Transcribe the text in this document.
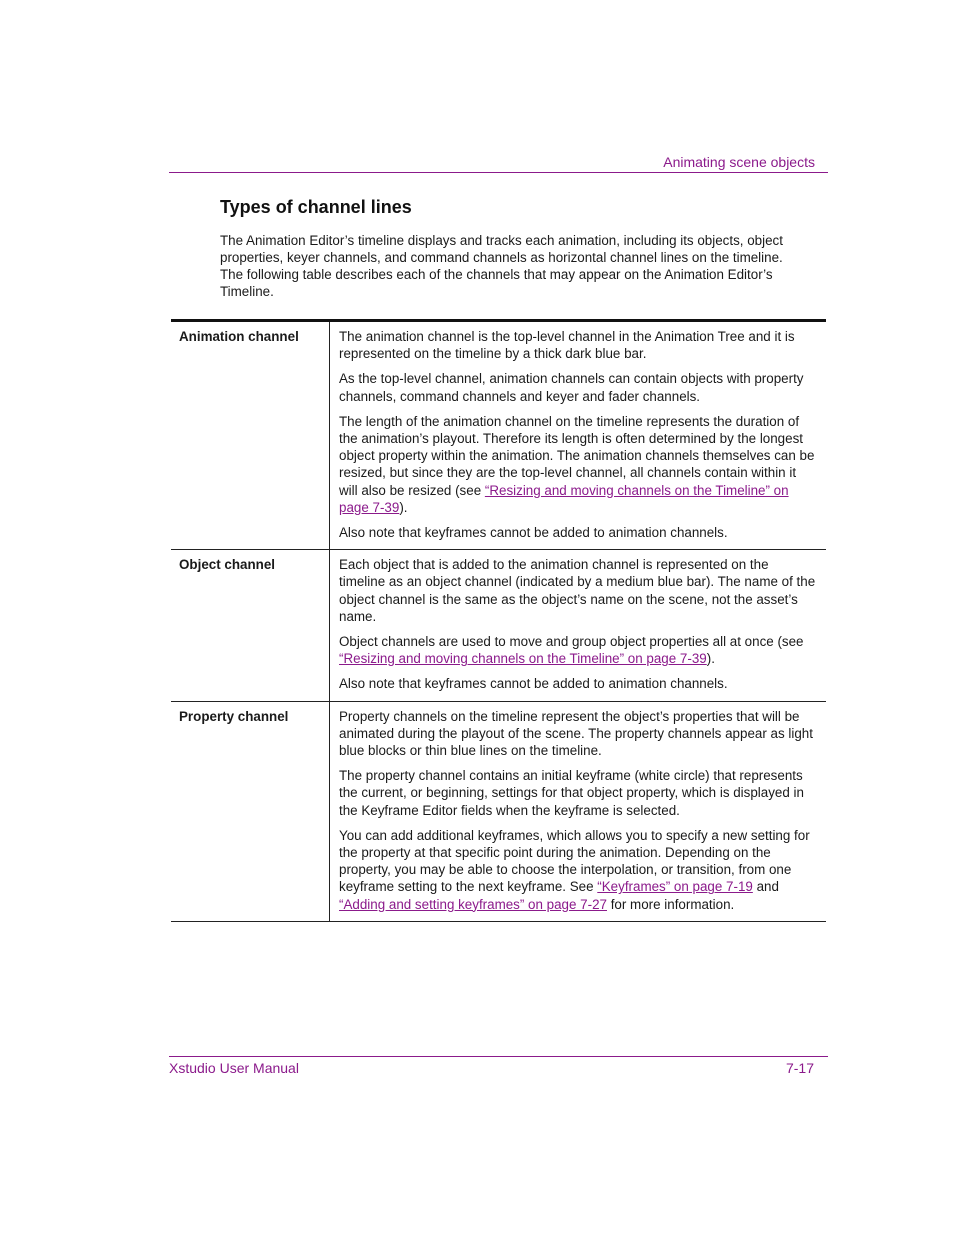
Animating scene objects
Types of channel lines

The Animation Editor’s timeline displays and tracks each animation, including its objects, object properties, keyer channels, and command channels as horizontal channel lines on the timeline. The following table describes each of the channels that may appear on the Animation Editor’s Timeline.

Animation channel	The animation channel is the top-level channel in the Animation Tree and it is represented on the timeline by a thick dark blue bar.

As the top-level channel, animation channels can contain objects with property channels, command channels and keyer and fader channels.

The length of the animation channel on the timeline represents the duration of the animation’s playout. Therefore its length is often determined by the longest object property within the animation. The animation channels themselves can be resized, but since they are the top-level channel, all channels contain within it will also be resized (see “Resizing and moving channels on the Timeline” on page 7-39).

Also note that keyframes cannot be added to animation channels.

Object channel	Each object that is added to the animation channel is represented on the timeline as an object channel (indicated by a medium blue bar). The name of the object channel is the same as the object’s name on the scene, not the asset’s name.

Object channels are used to move and group object properties all at once (see “Resizing and moving channels on the Timeline” on page 7-39).

Also note that keyframes cannot be added to animation channels.

Property channel	Property channels on the timeline represent the object’s properties that will be animated during the playout of the scene. The property channels appear as light blue blocks or thin blue lines on the timeline.

The property channel contains an initial keyframe (white circle) that represents the current, or beginning, settings for that object property, which is displayed in the Keyframe Editor fields when the keyframe is selected.

You can add additional keyframes, which allows you to specify a new setting for the property at that specific point during the animation. Depending on the property, you may be able to choose the interpolation, or transition, from one keyframe setting to the next keyframe. See “Keyframes” on page 7-19 and “Adding and setting keyframes” on page 7-27 for more information.

Xstudio User Manual	7-17
